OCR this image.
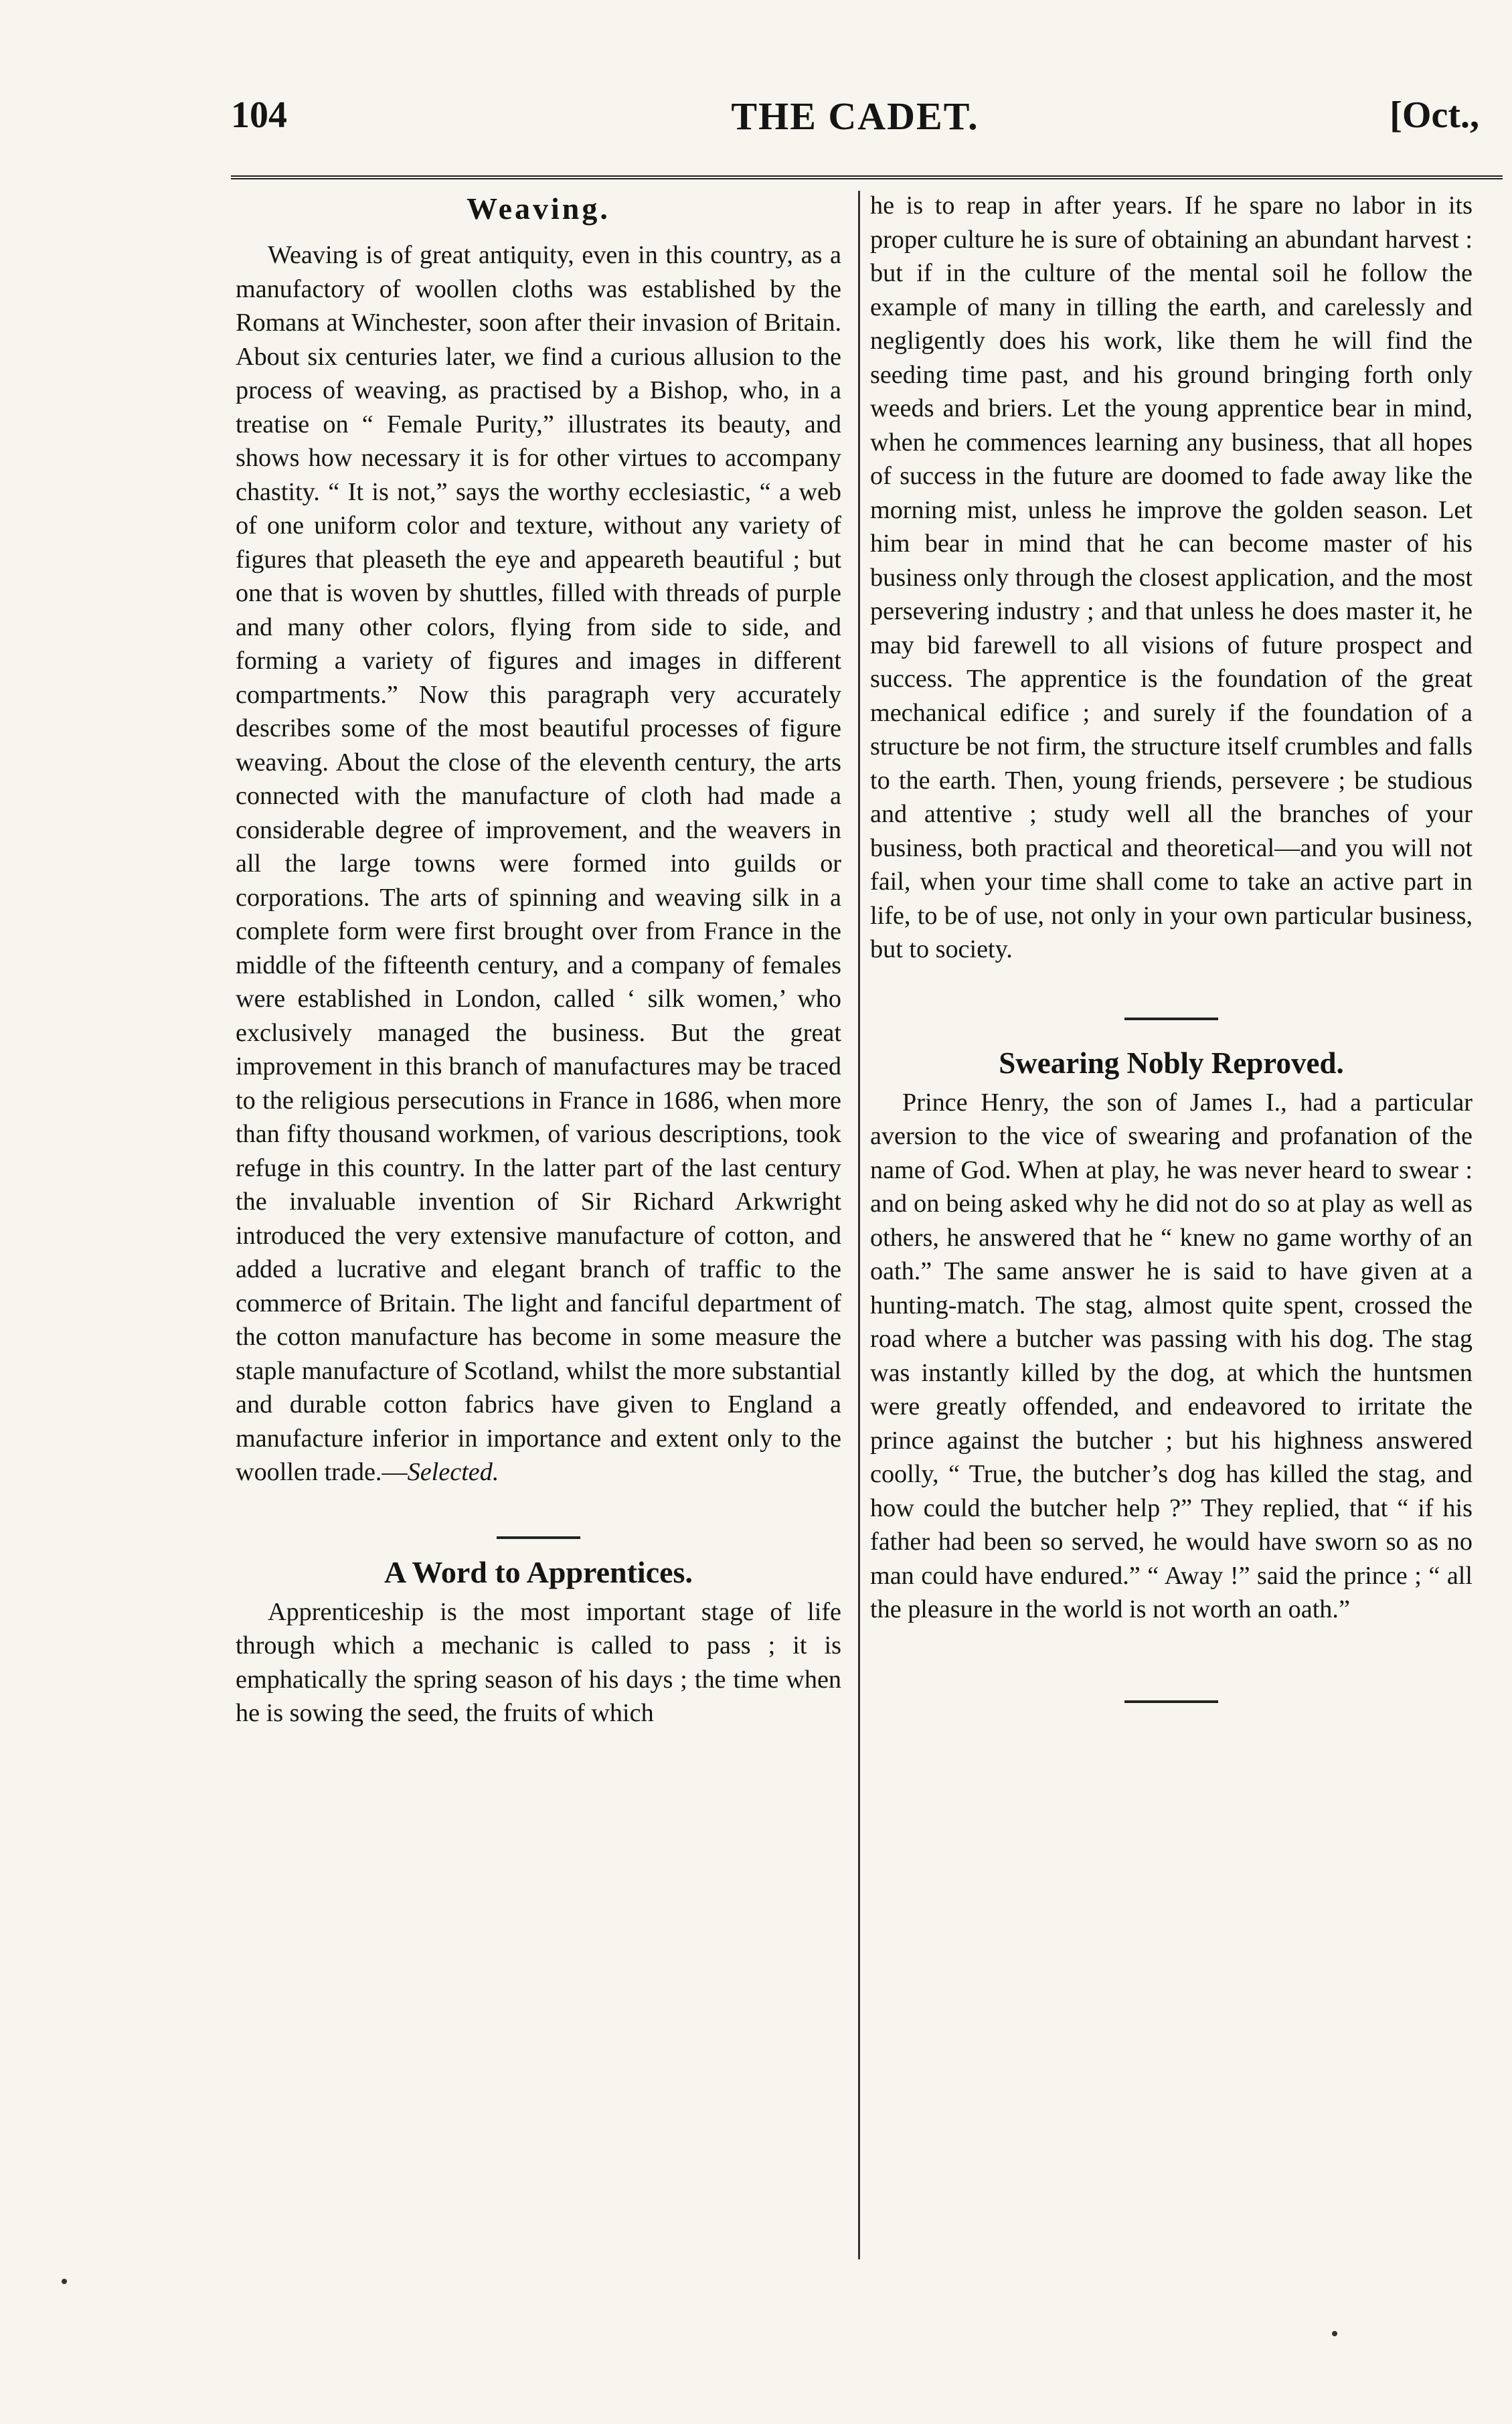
104	THE CADET.	[Oct.,
Weaving.

Weaving is of great antiquity, even in this country, as a manufactory of woollen cloths was established by the Romans at Winchester, soon after their invasion of Britain. About six centuries later, we find a curious allusion to the process of weaving, as practised by a Bishop, who, in a treatise on “ Female Purity,” illustrates its beauty, and shows how necessary it is for other virtues to accompany chastity. “ It is not,” says the worthy ecclesiastic, “ a web of one uniform color and texture, without any variety of figures that pleaseth the eye and appeareth beautiful ; but one that is woven by shuttles, filled with threads of purple and many other colors, flying from side to side, and forming a variety of figures and images in different compartments.” Now this paragraph very accurately describes some of the most beautiful processes of figure weaving. About the close of the eleventh century, the arts connected with the manufacture of cloth had made a considerable degree of improvement, and the weavers in all the large towns were formed into guilds or corporations. The arts of spinning and weaving silk in a complete form were first brought over from France in the middle of the fifteenth century, and a company of females were established in London, called ‘ silk women,’ who exclusively managed the business. But the great improvement in this branch of manufactures may be traced to the religious persecutions in France in 1686, when more than fifty thousand workmen, of various descriptions, took refuge in this country. In the latter part of the last century the invaluable invention of Sir Richard Arkwright introduced the very extensive manufacture of cotton, and added a lucrative and elegant branch of traffic to the commerce of Britain. The light and fanciful department of the cotton manufacture has become in some measure the staple manufacture of Scotland, whilst the more substantial and durable cotton fabrics have given to England a manufacture inferior in importance and extent only to the woollen trade.—Selected.

A Word to Apprentices.

Apprenticeship is the most important stage of life through which a mechanic is called to pass ; it is emphatically the spring season of his days ; the time when he is sowing the seed, the fruits of which

he is to reap in after years. If he spare no labor in its proper culture he is sure of obtaining an abundant harvest : but if in the culture of the mental soil he follow the example of many in tilling the earth, and carelessly and negligently does his work, like them he will find the seeding time past, and his ground bringing forth only weeds and briers. Let the young apprentice bear in mind, when he commences learning any business, that all hopes of success in the future are doomed to fade away like the morning mist, unless he improve the golden season. Let him bear in mind that he can become master of his business only through the closest application, and the most persevering industry ; and that unless he does master it, he may bid farewell to all visions of future prospect and success. The apprentice is the foundation of the great mechanical edifice ; and surely if the foundation of a structure be not firm, the structure itself crumbles and falls to the earth. Then, young friends, persevere ; be studious and attentive ; study well all the branches of your business, both practical and theoretical—and you will not fail, when your time shall come to take an active part in life, to be of use, not only in your own particular business, but to society.

Swearing Nobly Reproved.

Prince Henry, the son of James I., had a particular aversion to the vice of swearing and profanation of the name of God. When at play, he was never heard to swear : and on being asked why he did not do so at play as well as others, he answered that he “ knew no game worthy of an oath.” The same answer he is said to have given at a hunting-match. The stag, almost quite spent, crossed the road where a butcher was passing with his dog. The stag was instantly killed by the dog, at which the huntsmen were greatly offended, and endeavored to irritate the prince against the butcher ; but his highness answered coolly, “ True, the butcher’s dog has killed the stag, and how could the butcher help ?” They replied, that “ if his father had been so served, he would have sworn so as no man could have endured.” “ Away !” said the prince ; “ all the pleasure in the world is not worth an oath.”
